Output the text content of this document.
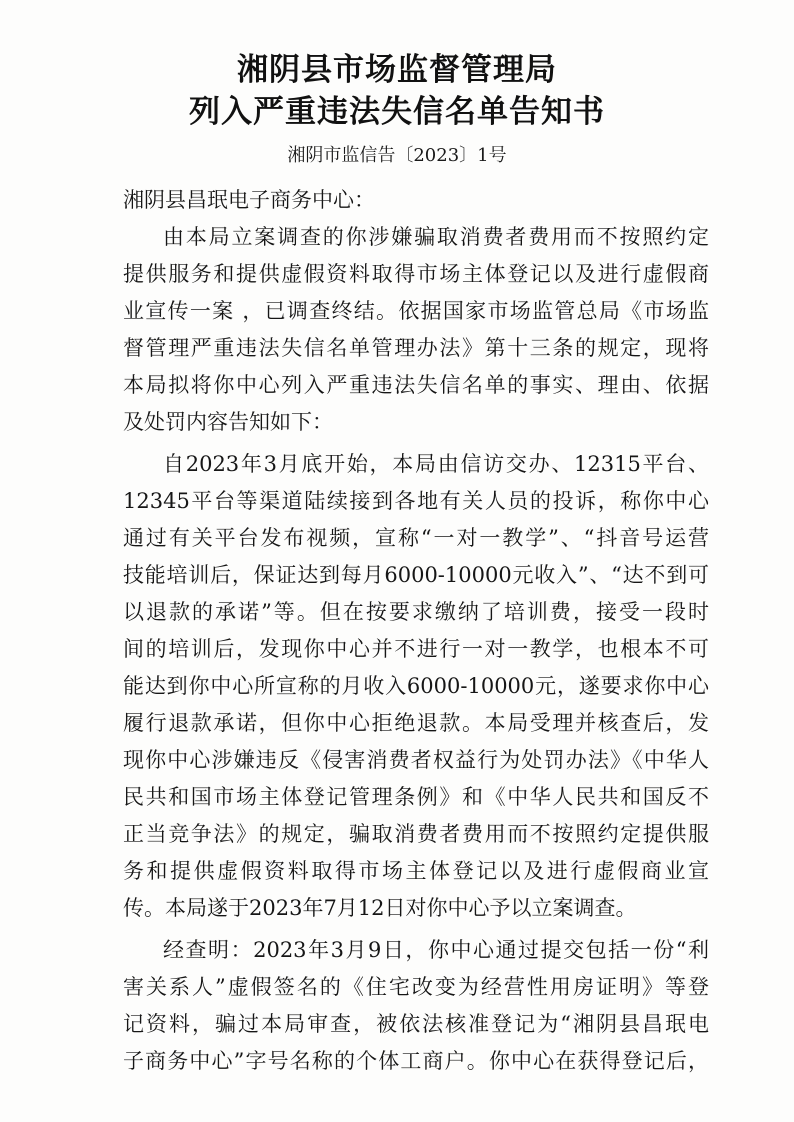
湘阴县市场监督管理局
列入严重违法失信名单告知书
湘阴市监信告〔2023〕1号
湘阴县昌珉电子商务中心：
由本局立案调查的你涉嫌骗取消费者费用而不按照约定
提供服务和提供虚假资料取得市场主体登记以及进行虚假商
业宣传一案 ，已调查终结。依据国家市场监管总局《市场监
督管理严重违法失信名单管理办法》第十三条的规定，现将
本局拟将你中心列入严重违法失信名单的事实、理由、依据
及处罚内容告知如下：
自2023年3月底开始，本局由信访交办、12315平台、
12345平台等渠道陆续接到各地有关人员的投诉，称你中心
通过有关平台发布视频，宣称“一对一教学”、“抖音号运营
技能培训后，保证达到每月6000-10000元收入”、“达不到可
以退款的承诺”等。但在按要求缴纳了培训费，接受一段时
间的培训后，发现你中心并不进行一对一教学，也根本不可
能达到你中心所宣称的月收入6000-10000元，遂要求你中心
履行退款承诺，但你中心拒绝退款。本局受理并核查后，发
现你中心涉嫌违反《侵害消费者权益行为处罚办法》《中华人
民共和国市场主体登记管理条例》和《中华人民共和国反不
正当竞争法》的规定，骗取消费者费用而不按照约定提供服
务和提供虚假资料取得市场主体登记以及进行虚假商业宣
传。本局遂于2023年7月12日对你中心予以立案调查。
经查明：2023年3月9日，你中心通过提交包括一份“利
害关系人”虚假签名的《住宅改变为经营性用房证明》等登
记资料，骗过本局审查，被依法核准登记为“湘阴县昌珉电
子商务中心”字号名称的个体工商户。你中心在获得登记后，
